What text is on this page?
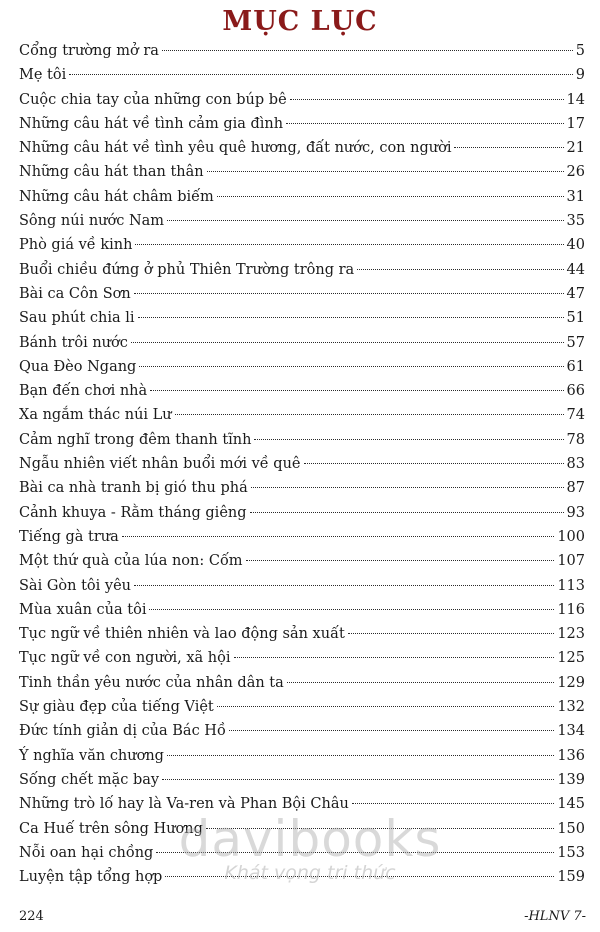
MỤC LỤC
Cổng trường mở ra	5
Mẹ tôi	9
Cuộc chia tay của những con búp bê	14
Những câu hát về tình cảm gia đình	17
Những câu hát về tình yêu quê hương, đất nước, con người	21
Những câu hát than thân	26
Những câu hát châm biếm	31
Sông núi nước Nam	35
Phò giá về kinh	40
Buổi chiều đứng ở phủ Thiên Trường trông ra	44
Bài ca Côn Sơn	47
Sau phút chia li	51
Bánh trôi nước	57
Qua Đèo Ngang	61
Bạn đến chơi nhà	66
Xa ngắm thác núi Lư	74
Cảm nghĩ trong đêm thanh tĩnh	78
Ngẫu nhiên viết nhân buổi mới về quê	83
Bài ca nhà tranh bị gió thu phá	87
Cảnh khuya - Rằm tháng giêng	93
Tiếng gà trưa	100
Một thứ quà của lúa non: Cốm	107
Sài Gòn tôi yêu	113
Mùa xuân của tôi	116
Tục ngữ về thiên nhiên và lao động sản xuất	123
Tục ngữ về con người, xã hội	125
Tinh thần yêu nước của nhân dân ta	129
Sự giàu đẹp của tiếng Việt	132
Đức tính giản dị của Bác Hồ	134
Ý nghĩa văn chương	136
Sống chết mặc bay	139
Những trò lố hay là Va-ren và Phan Bội Châu	145
Ca Huế trên sông Hương	150
Nỗi oan hại chồng	153
Luyện tập tổng hợp	159
davibooks
Khát vọng tri thức
224	-HLNV 7-
